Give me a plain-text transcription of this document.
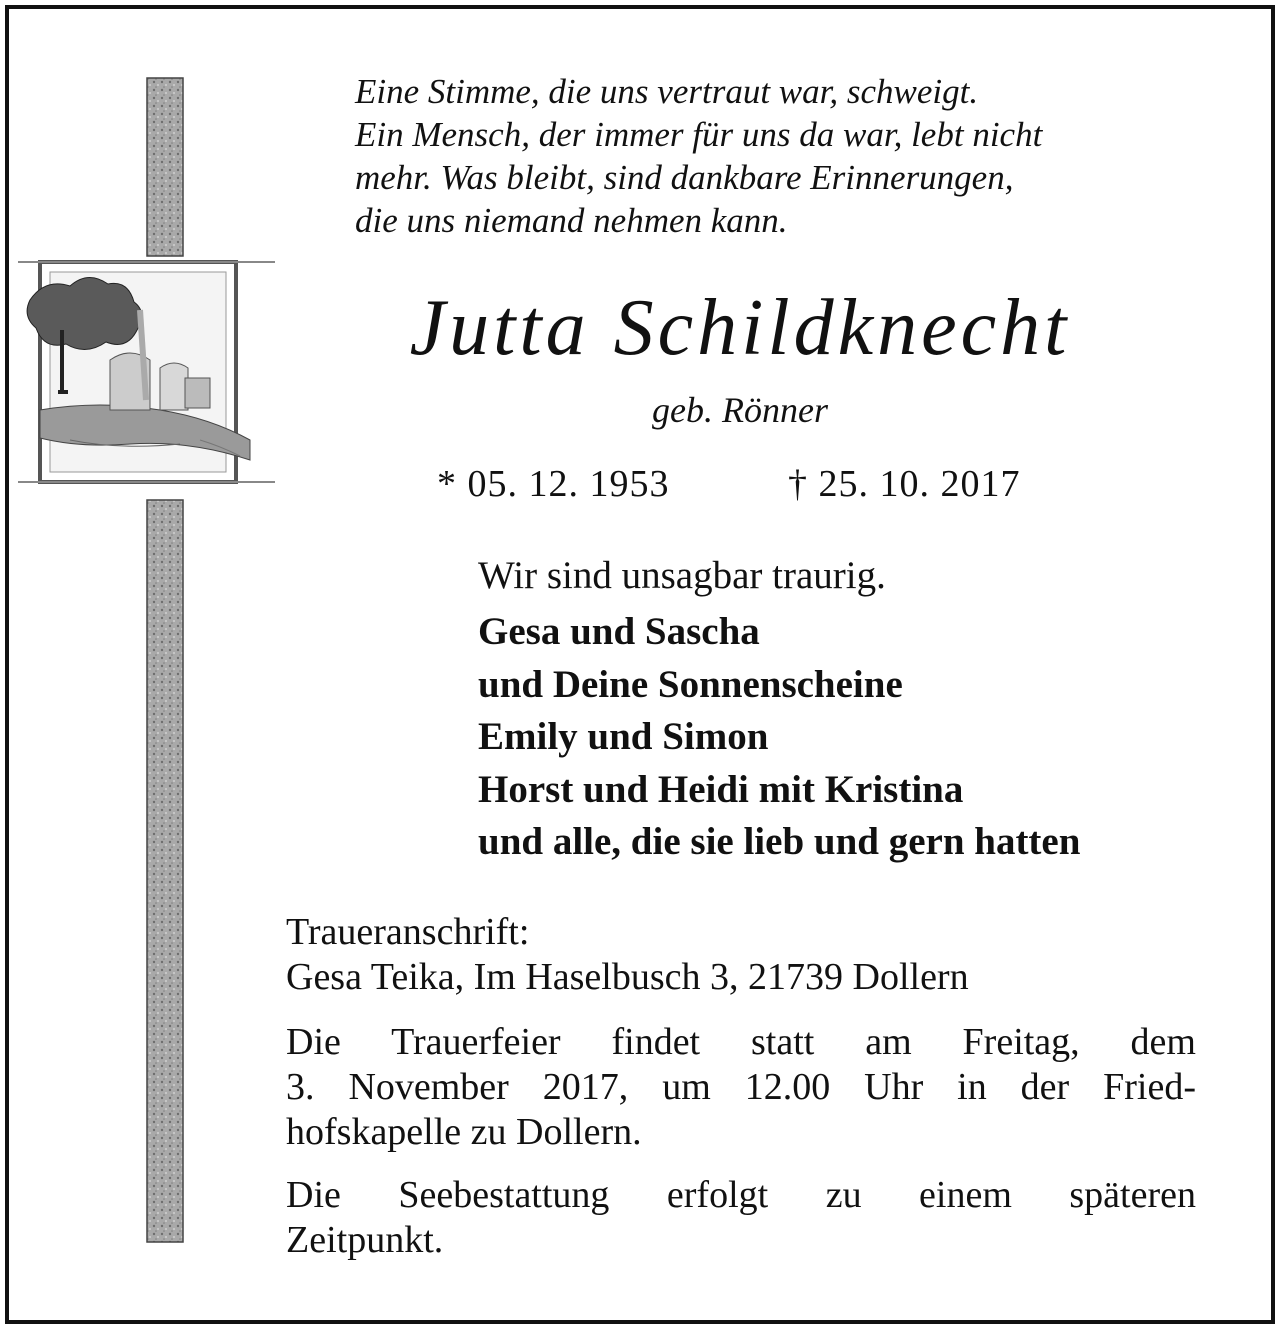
Eine Stimme, die uns vertraut war, schweigt.
Ein Mensch, der immer für uns da war, lebt nicht
mehr. Was bleibt, sind dankbare Erinnerungen,
die uns niemand nehmen kann.

Jutta Schildknecht
geb. Rönner
* 05. 12. 1953	† 25. 10. 2017
Wir sind unsagbar traurig.
Gesa und Sascha
und Deine Sonnenscheine
Emily und Simon
Horst und Heidi mit Kristina
und alle, die sie lieb und gern hatten
Traueranschrift:
Gesa Teika, Im Haselbusch 3, 21739 Dollern
Die Trauerfeier findet statt am Freitag, dem
3. November 2017, um 12.00 Uhr in der Fried-
hofskapelle zu Dollern.
Die Seebestattung erfolgt zu einem späteren
Zeitpunkt.
